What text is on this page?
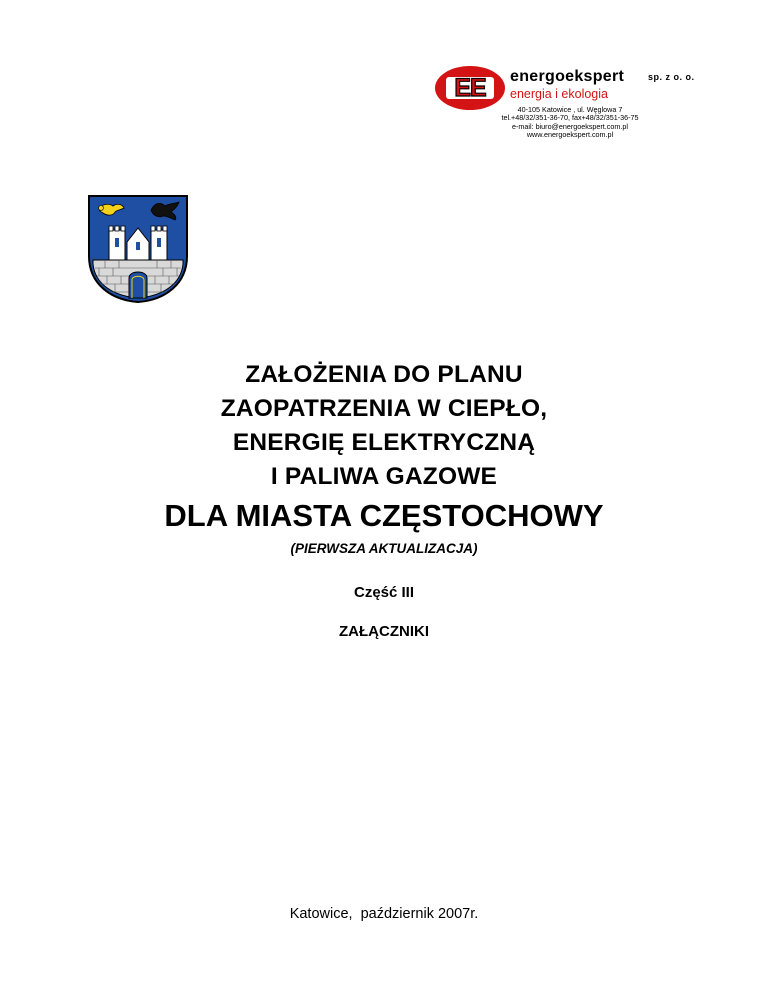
EE	energoekspert	sp. z o. o.
energia i ekologia
40-105 Katowice , ul. Węglowa 7
tel.+48/32/351-36-70, fax+48/32/351-36-75
e-mail: biuro@energoekspert.com.pl
www.energoekspert.com.pl
ZAŁOŻENIA DO PLANU
ZAOPATRZENIA W CIEPŁO,
ENERGIĘ ELEKTRYCZNĄ
I PALIWA GAZOWE
DLA MIASTA CZĘSTOCHOWY
(PIERWSZA AKTUALIZACJA)
Część III
ZAŁĄCZNIKI
Katowice,  październik 2007r.
